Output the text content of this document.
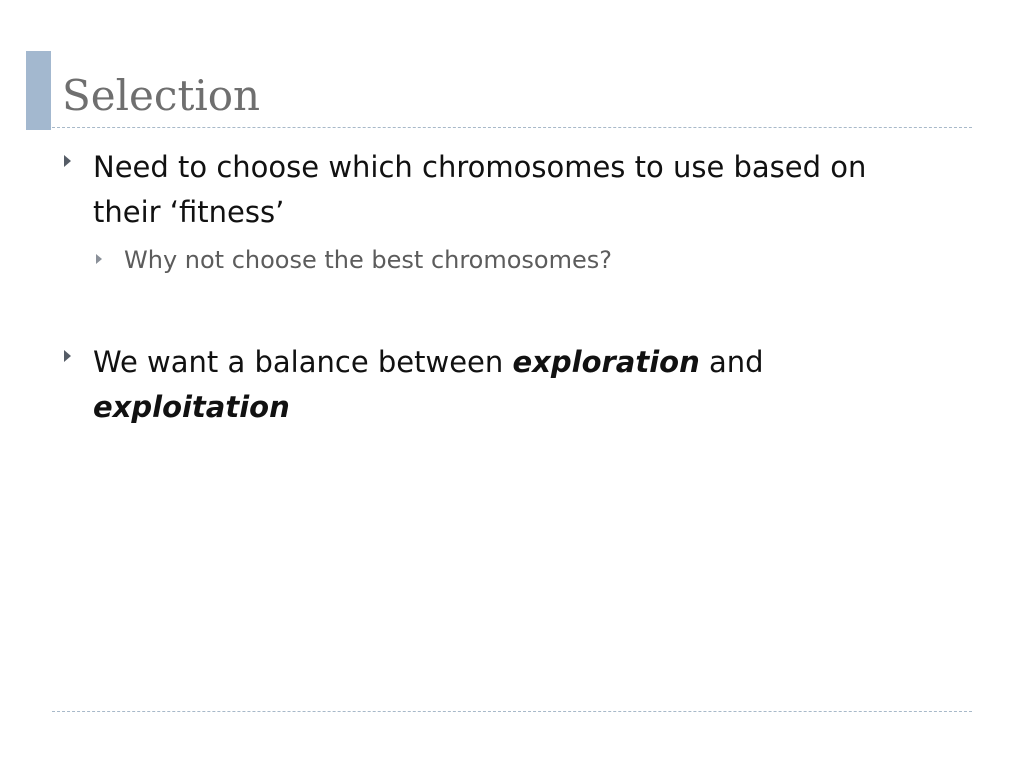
Selection
Need to choose which chromosomes to use based on their ‘fitness’
Why not choose the best chromosomes?
We want a balance between exploration and exploitation
